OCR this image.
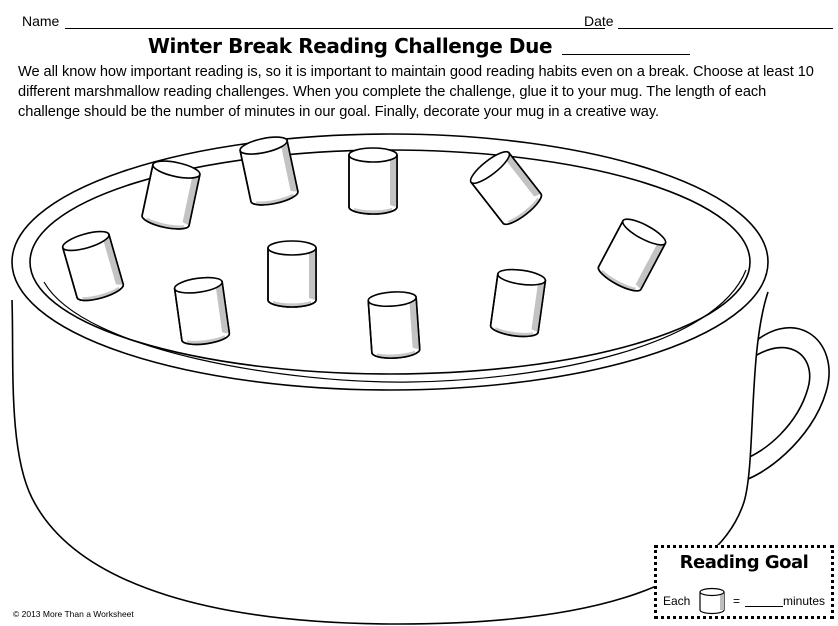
Name	Date
Winter Break Reading Challenge Due
We all know how important reading is, so it is important to maintain good reading habits even on a break. Choose at least 10 different marshmallow reading challenges. When you complete the challenge, glue it to your mug. The length of each challenge should be the number of minutes in our goal. Finally, decorate your mug in a creative way.
© 2013 More Than a Worksheet
Reading Goal
Each	=	minutes
